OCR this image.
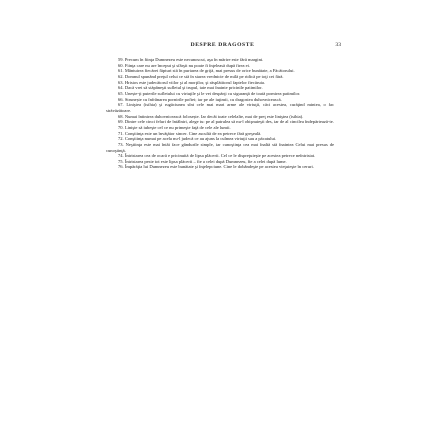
DESPRE DRAGOSTE	33

59. Precum în fiinţa Dumnezeu este necunoscut, aşa în mărire este fără margini.

60. Fiinţa care nu are început şi sfârşit nu poate fi înţeleasă după firea ei.

61. Mântuirea fiecărei făpturi stă în purtarea de grijă, mai presus de orice bunătate, a Făcătorului.

62. Domnul spunând preţul celui ce stă în starea vrednicie de milă pe ridică pe toţi cei fără.

63. Hristos este judecătorul viilor şi al morţilor, şi răsplătitorul faptelor fiecăruia.

64. Dacă vrei să stăpâneşti sufletul şi trupul, taie mai înainte pricinile patimilor.

65. Unește-ţi puterile sufletului cu virtuţile şi le vei despărţi cu siguranţă de toată pornirea patimilor.

66. Strunește cu înfrânarea pornirile poftei; iar pe ale iuţimii, cu dragostea duhovnicească.

67. Liniştea (isihia) şi rugăciunea sînt cele mai mari arme ale virtuţii, căci acestea, curăţind mintea, o fac străvăzătoare.

68. Numai întinirea duhovnicească folosește. Iar decât toate celelalte, mai de preţ este liniştea (isihia).

69. Dintre cele cinci feluri de întâlniri, alege tu: pe al patrulea să nu-l obişnuieşti des, iar de al cincilea îndepărtează-te.

70. Linişte să iubeşte cel ce nu primeşte faţă de cele ale lumii.

71. Conştiinţa este un învăţător sincer. Cine ascultă de ea petrece fără greşeală.

72. Conştiinţa numai pe acela nu-l judecă ce au ajuns la culmea virtuţii sau a păcatului.

73. Neştiinţa este mai întâi face gândurile simple, iar cunoştinţa cea mai înaltă stă înaintea Celui mai presus de cunoştinţă.

74. Întristarea cea de ocară e pricinuită de lipsa plăcerii. Cel ce le dispreţuieşte pe acestea petrece neîntristat.

75. Întristarea peste tot este lipsa plăcerii – fie a celei după Dumnezeu, fie a celei după lume.

76. Împărăţia lui Dumnezeu este bunătate şi înţelepciune. Cine le dobândeşte pe acestea vieţuieşte în ceruri.
